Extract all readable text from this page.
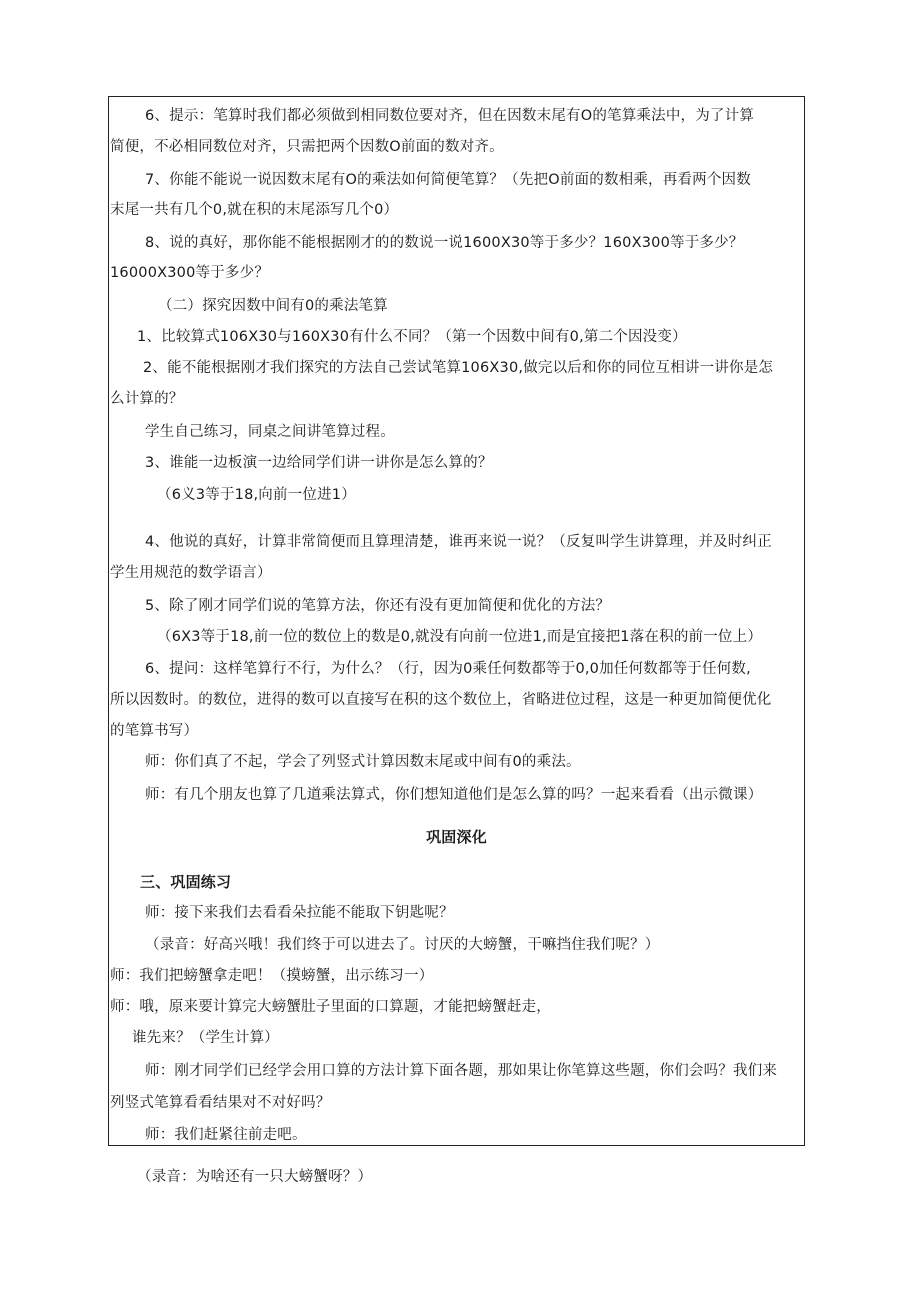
6、提示：笔算时我们都必须做到相同数位要对齐，但在因数末尾有O的笔算乘法中，为了计算
简便，不必相同数位对齐，只需把两个因数O前面的数对齐。
7、你能不能说一说因数末尾有O的乘法如何简便笔算？（先把O前面的数相乘，再看两个因数
末尾一共有几个0,就在积的末尾添写几个0）
8、说的真好，那你能不能根据刚才的的数说一说1600X30等于多少？160X300等于多少？
16000X300等于多少？
（二）探究因数中间有0的乘法笔算
1、比较算式106X30与160X30有什么不同？（第一个因数中间有0,第二个因没变）
2、能不能根据刚才我们探究的方法自己尝试笔算106X30,做完以后和你的同位互相讲一讲你是怎
么计算的？
学生自己练习，同桌之间讲笔算过程。
3、谁能一边板演一边给同学们讲一讲你是怎么算的？
（6义3等于18,向前一位进1）
4、他说的真好，计算非常简便而且算理清楚，谁再来说一说？（反复叫学生讲算理，并及时纠正
学生用规范的数学语言）
5、除了刚才同学们说的笔算方法，你还有没有更加简便和优化的方法？
（6X3等于18,前一位的数位上的数是0,就没有向前一位进1,而是宜接把1落在积的前一位上）
6、提问：这样笔算行不行，为什么？（行，因为0乘任何数都等于0,0加任何数都等于任何数,
所以因数时。的数位，进得的数可以直接写在积的这个数位上，省略进位过程，这是一种更加简便优化
的笔算书写）
师：你们真了不起，学会了列竖式计算因数末尾或中间有0的乘法。
师：有几个朋友也算了几道乘法算式，你们想知道他们是怎么算的吗？一起来看看（出示微课）
巩固深化
三、巩固练习
师：接下来我们去看看朵拉能不能取下钥匙呢？
（录音：好高兴哦！我们终于可以进去了。讨厌的大螃蟹，干嘛挡住我们呢？）
师：我们把螃蟹拿走吧！（摸螃蟹，出示练习一）
师：哦，原来要计算完大螃蟹肚子里面的口算题，才能把螃蟹赶走，
谁先来？（学生计算）
师：刚才同学们已经学会用口算的方法计算下面各题，那如果让你笔算这些题，你们会吗？我们来
列竖式笔算看看结果对不对好吗？
师：我们赶紧往前走吧。
（录音：为啥还有一只大螃蟹呀？）
